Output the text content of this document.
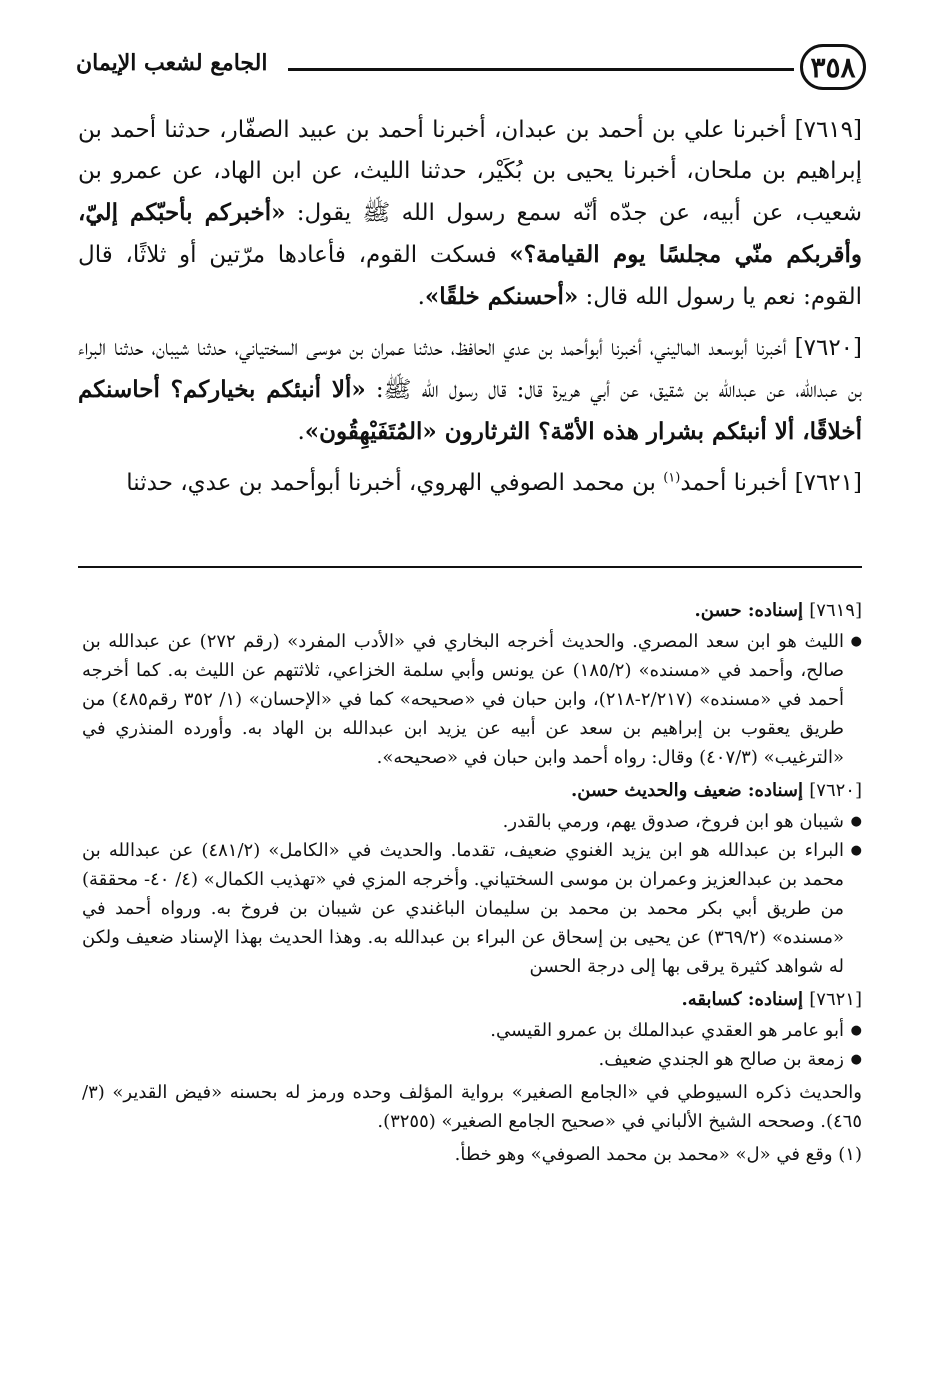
٣٥٨
الجامع لشعب الإيمان

[٧٦١٩] أخبرنا علي بن أحمد بن عبدان، أخبرنا أحمد بن عبيد الصفّار، حدثنا أحمد بن إبراهيم بن ملحان، أخبرنا يحيى بن بُكَيْر، حدثنا الليث، عن ابن الهاد، عن عمرو بن شعيب، عن أبيه، عن جدّه أنّه سمع رسول الله ﷺ يقول: «أخبركم بأحبّكم إليّ، وأقربكم منّي مجلسًا يوم القيامة؟» فسكت القوم، فأعادها مرّتين أو ثلاثًا، قال القوم: نعم يا رسول الله قال: «أحسنكم خلقًا».

[٧٦٢٠] أخبرنا أبوسعد الماليني، أخبرنا أبوأحمد بن عدي الحافظ، حدثنا عمران بن موسى السختياني، حدثنا شيبان، حدثنا البراء بن عبدالله، عن عبدالله بن شقيق، عن أبي هريرة قال: قال رسول الله ﷺ: «ألا أنبئكم بخياركم؟ أحاسنكم أخلاقًا، ألا أنبئكم بشرار هذه الأمّة؟ الثرثارون «المُتَفَيْهِقُون».

[٧٦٢١] أخبرنا أحمد$^{(١)}$ بن محمد الصوفي الهروي، أخبرنا أبوأحمد بن عدي، حدثنا

[٧٦١٩] إسناده: حسن.

● الليث هو ابن سعد المصري. والحديث أخرجه البخاري في «الأدب المفرد» (رقم ٢٧٢) عن عبدالله بن صالح، وأحمد في «مسنده» (١٨٥/٢) عن يونس وأبي سلمة الخزاعي، ثلاثتهم عن الليث به. كما أخرجه أحمد في «مسنده» (٢/٢١٧-٢١٨)، وابن حبان في «صحيحه» كما في «الإحسان» (١/ ٣٥٢ رقم٤٨٥) من طريق يعقوب بن إبراهيم بن سعد عن أبيه عن يزيد ابن عبدالله بن الهاد به. وأورده المنذري في «الترغيب» (٤٠٧/٣) وقال: رواه أحمد وابن حبان في «صحيحه».

[٧٦٢٠] إسناده: ضعيف والحديث حسن.

● شيبان هو ابن فروخ، صدوق يهم، ورمي بالقدر.
● البراء بن عبدالله هو ابن يزيد الغنوي ضعيف، تقدما. والحديث في «الكامل» (٤٨١/٢) عن عبدالله بن محمد بن عبدالعزيز وعمران بن موسى السختياني. وأخرجه المزي في «تهذيب الكمال» (٤/ ٤٠- محققة) من طريق أبي بكر محمد بن محمد بن سليمان الباغندي عن شيبان بن فروخ به. ورواه أحمد في «مسنده» (٣٦٩/٢) عن يحيى بن إسحاق عن البراء بن عبدالله به. وهذا الحديث بهذا الإسناد ضعيف ولكن له شواهد كثيرة يرقى بها إلى درجة الحسن

[٧٦٢١] إسناده: كسابقه.

● أبو عامر هو العقدي عبدالملك بن عمرو القيسي.
● زمعة بن صالح هو الجندي ضعيف.

والحديث ذكره السيوطي في «الجامع الصغير» برواية المؤلف وحده ورمز له بحسنه «فيض القدير» (٣/ ٤٦٥). وصححه الشيخ الألباني في «صحيح الجامع الصغير» (٣٢٥٥).

(١) وقع في «ل» «محمد بن محمد الصوفي» وهو خطأ.
